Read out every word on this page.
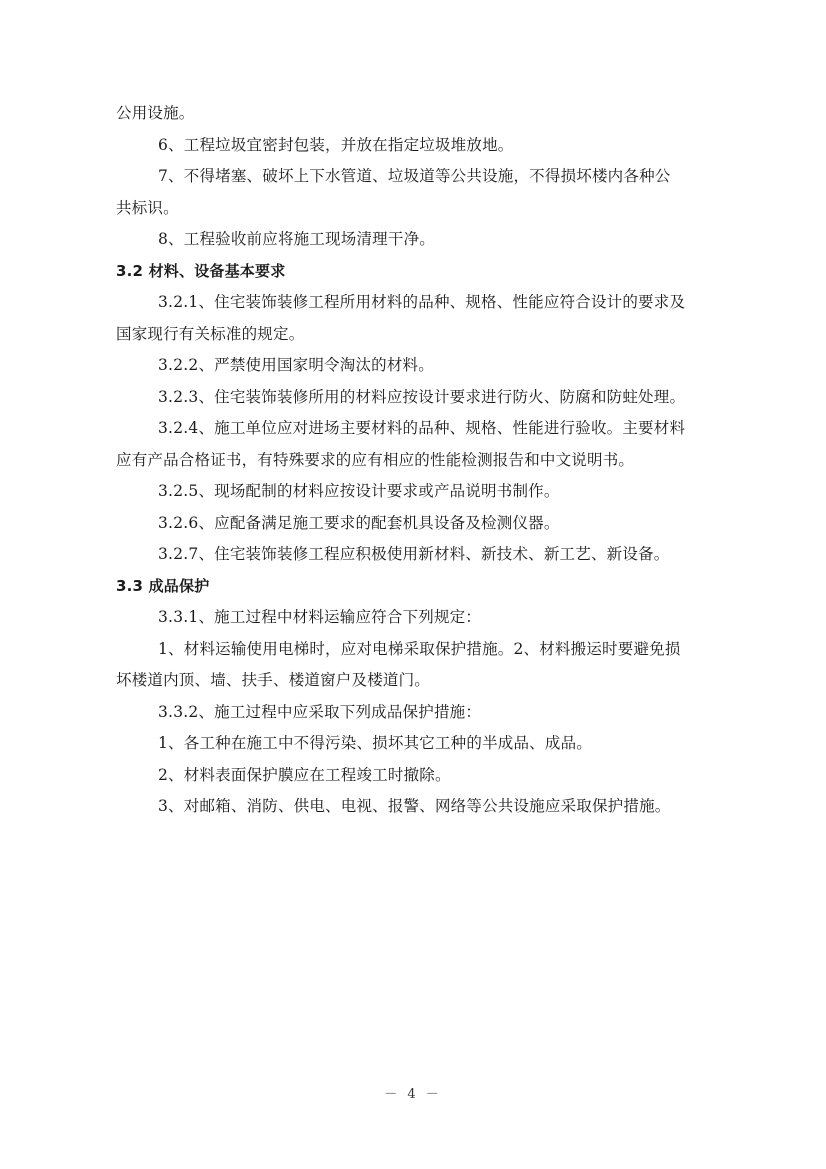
公用设施。
6、工程垃圾宜密封包装，并放在指定垃圾堆放地。
7、不得堵塞、破坏上下水管道、垃圾道等公共设施，不得损坏楼内各种公
共标识。
8、工程验收前应将施工现场清理干净。
3.2 材料、设备基本要求
3.2.1、住宅装饰装修工程所用材料的品种、规格、性能应符合设计的要求及
国家现行有关标准的规定。
3.2.2、严禁使用国家明令淘汰的材料。
3.2.3、住宅装饰装修所用的材料应按设计要求进行防火、防腐和防蛀处理。
3.2.4、施工单位应对进场主要材料的品种、规格、性能进行验收。主要材料
应有产品合格证书，有特殊要求的应有相应的性能检测报告和中文说明书。
3.2.5、现场配制的材料应按设计要求或产品说明书制作。
3.2.6、应配备满足施工要求的配套机具设备及检测仪器。
3.2.7、住宅装饰装修工程应积极使用新材料、新技术、新工艺、新设备。
3.3 成品保护
3.3.1、施工过程中材料运输应符合下列规定：
1、材料运输使用电梯时，应对电梯采取保护措施。2、材料搬运时要避免损
坏楼道内顶、墙、扶手、楼道窗户及楼道门。
3.3.2、施工过程中应采取下列成品保护措施：
1、各工种在施工中不得污染、损坏其它工种的半成品、成品。
2、材料表面保护膜应在工程竣工时撤除。
3、对邮箱、消防、供电、电视、报警、网络等公共设施应采取保护措施。
－ 4 －
